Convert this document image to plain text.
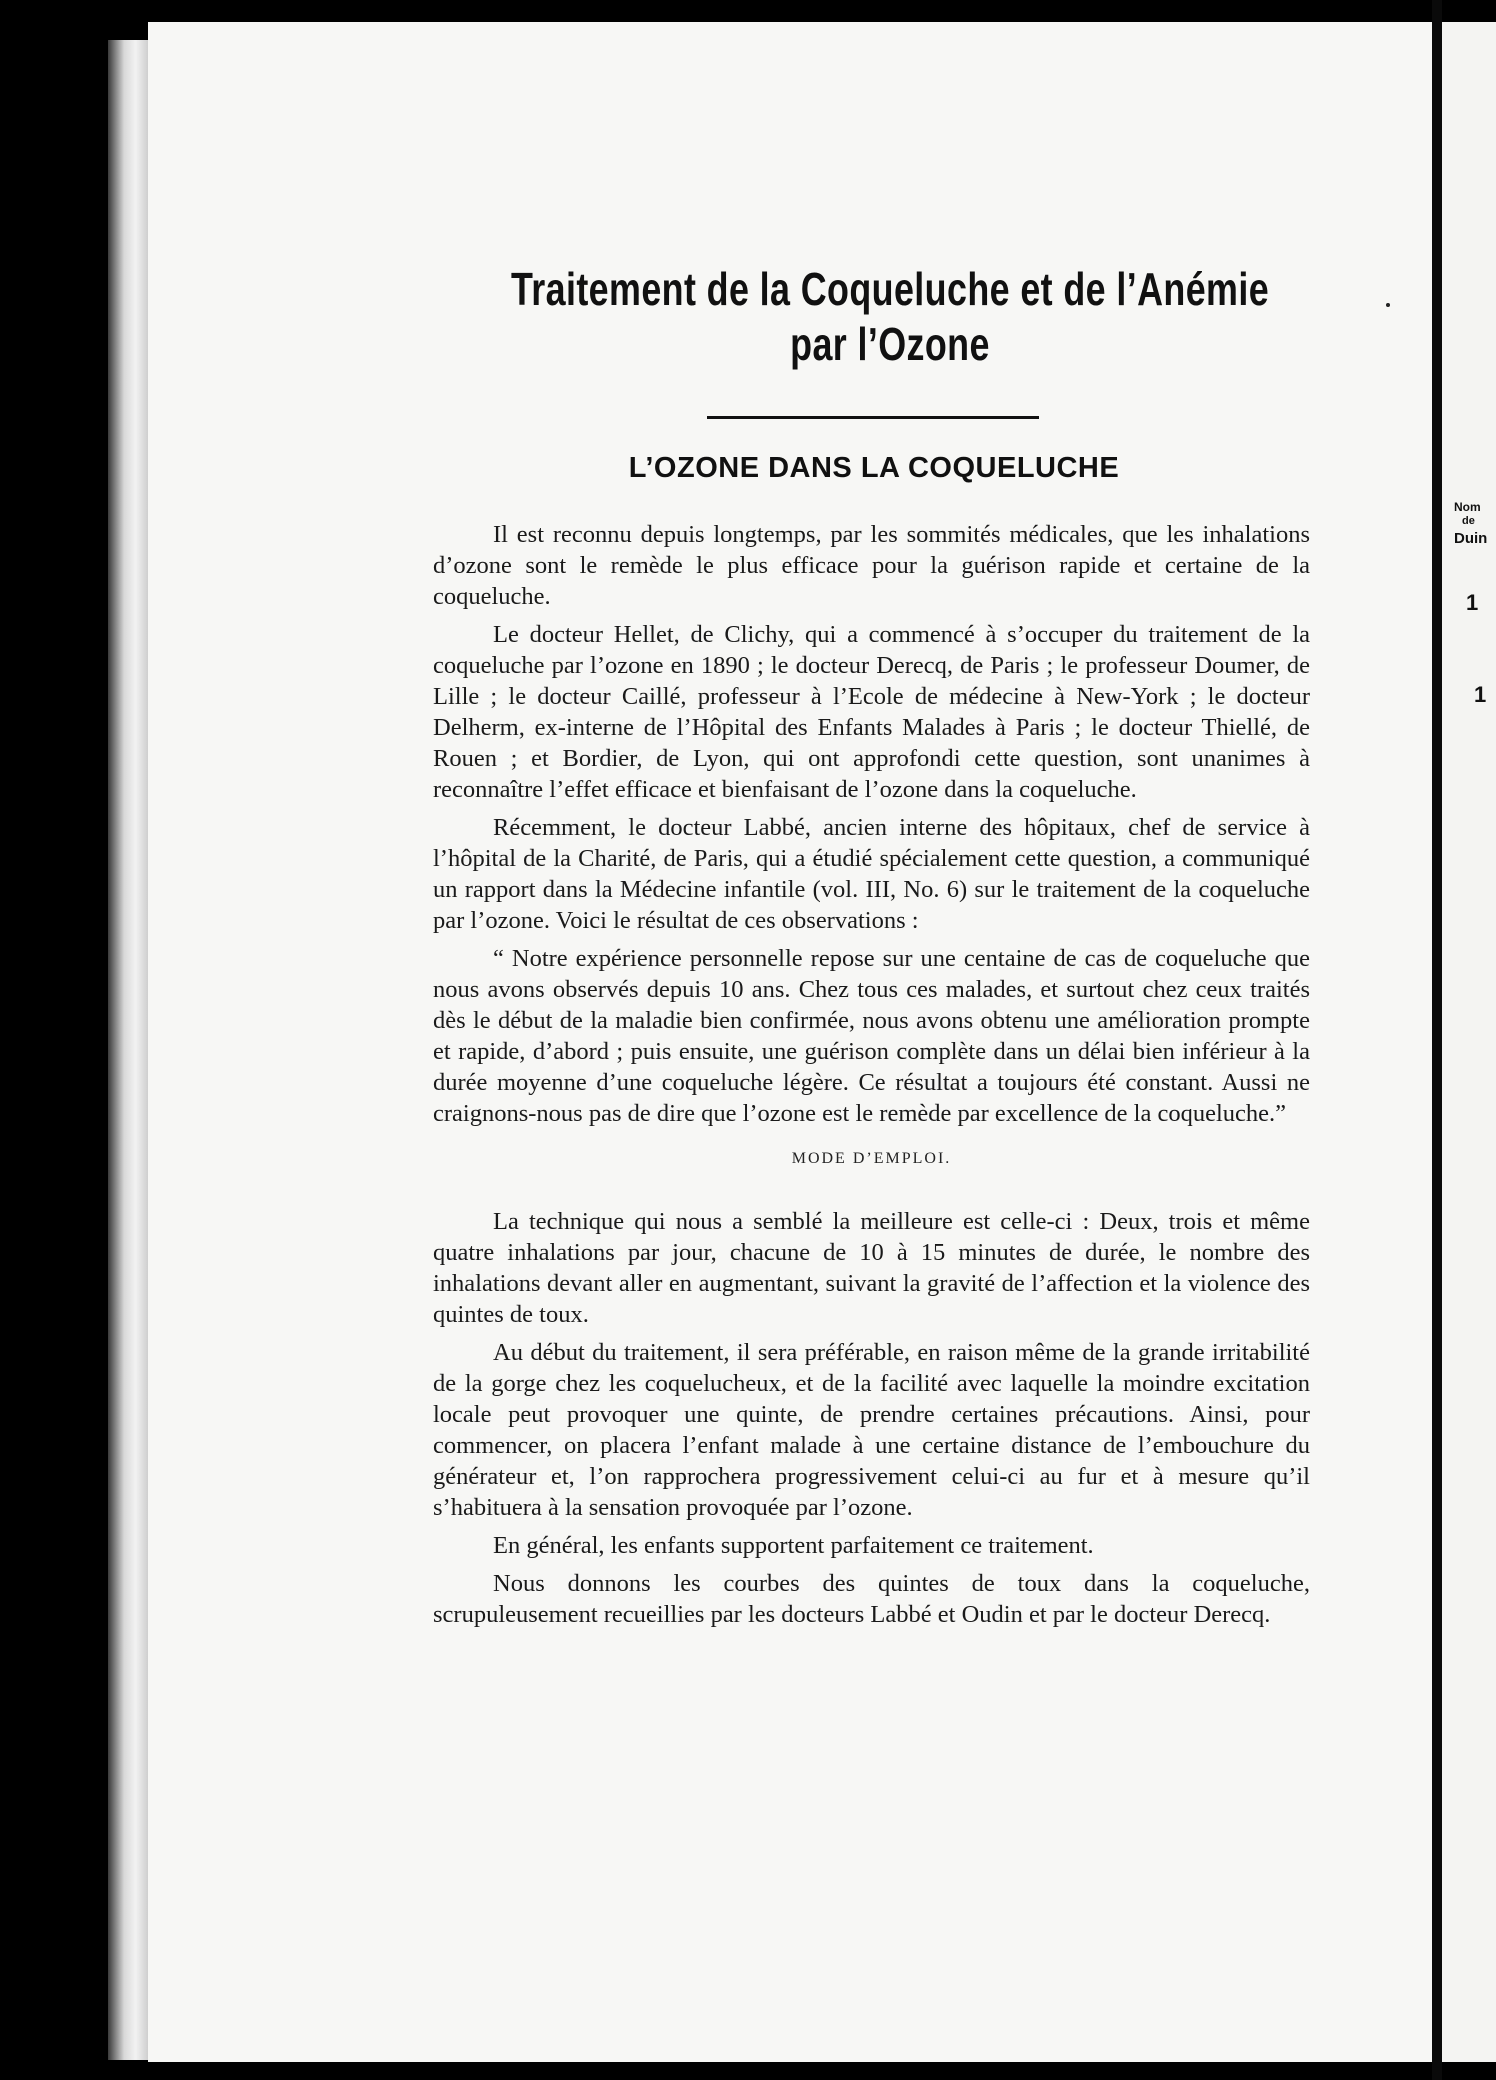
Nom
de
Duin
1
1
Traitement de la Coqueluche et de l’Anémie
par l’Ozone
L’OZONE DANS LA COQUELUCHE

Il est reconnu depuis longtemps, par les sommités médicales, que les inhalations d’ozone sont le remède le plus efficace pour la guérison rapide et certaine de la coqueluche.

Le docteur Hellet, de Clichy, qui a commencé à s’occuper du traitement de la coqueluche par l’ozone en 1890 ; le docteur Derecq, de Paris ; le professeur Doumer, de Lille ; le docteur Caillé, professeur à l’Ecole de médecine à New-York ; le docteur Delherm, ex-interne de l’Hôpital des Enfants Malades à Paris ; le docteur Thiellé, de Rouen ; et Bordier, de Lyon, qui ont approfondi cette question, sont unanimes à reconnaître l’effet efficace et bienfaisant de l’ozone dans la coqueluche.

Récemment, le docteur Labbé, ancien interne des hôpitaux, chef de service à l’hôpital de la Charité, de Paris, qui a étudié spécialement cette question, a communiqué un rapport dans la Médecine infantile (vol. III, No. 6) sur le traitement de la coqueluche par l’ozone. Voici le résultat de ces observations :

“ Notre expérience personnelle repose sur une centaine de cas de coqueluche que nous avons observés depuis 10 ans. Chez tous ces malades, et surtout chez ceux traités dès le début de la maladie bien confirmée, nous avons obtenu une amélioration prompte et rapide, d’abord ; puis ensuite, une guérison complète dans un délai bien inférieur à la durée moyenne d’une coqueluche légère. Ce résultat a toujours été constant. Aussi ne craignons-nous pas de dire que l’ozone est le remède par excellence de la coqueluche.”

MODE D’EMPLOI.

La technique qui nous a semblé la meilleure est celle-ci : Deux, trois et même quatre inhalations par jour, chacune de 10 à 15 minutes de durée, le nombre des inhalations devant aller en augmentant, suivant la gravité de l’affection et la violence des quintes de toux.

Au début du traitement, il sera préférable, en raison même de la grande irritabilité de la gorge chez les coquelucheux, et de la facilité avec laquelle la moindre excitation locale peut provoquer une quinte, de prendre certaines précautions. Ainsi, pour commencer, on placera l’enfant malade à une certaine distance de l’embouchure du générateur et, l’on rapprochera progressivement celui-ci au fur et à mesure qu’il s’habituera à la sensation provoquée par l’ozone.

En général, les enfants supportent parfaitement ce traitement.

Nous donnons les courbes des quintes de toux dans la coqueluche, scrupuleusement recueillies par les docteurs Labbé et Oudin et par le docteur Derecq.
